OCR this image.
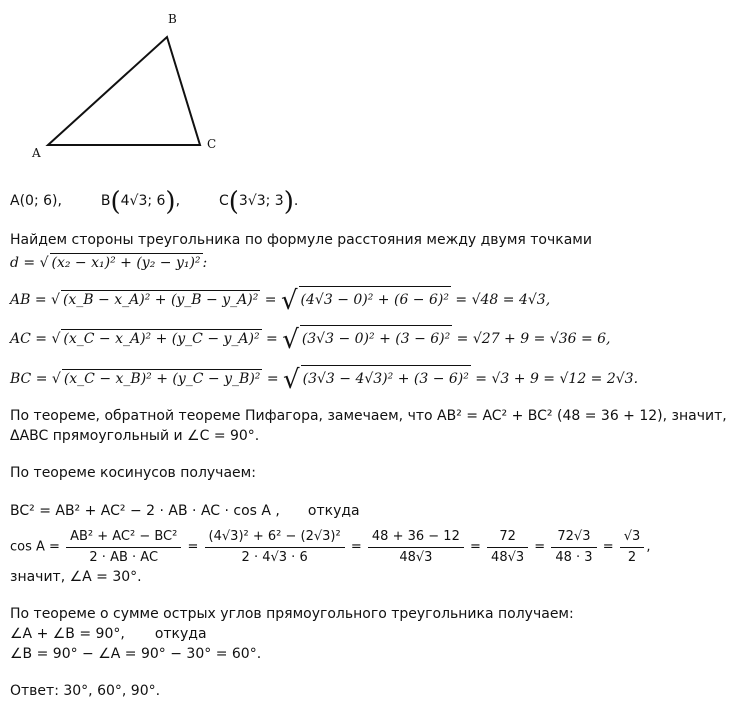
B
A
C
A(0; 6),	B(4√3; 6),	C(3√3; 3).
Найдем стороны треугольника по формуле расстояния между двумя точками
d = √ (x₂ − x₁)² + (y₂ − y₁)² :
AB = √ (x_B − x_A)² + (y_B − y_A)² = √ (4√3 − 0)² + (6 − 6)² = √48 = 4√3,
AC = √ (x_C − x_A)² + (y_C − y_A)² = √ (3√3 − 0)² + (3 − 6)² = √27 + 9 = √36 = 6,
BC = √ (x_C − x_B)² + (y_C − y_B)² = √ (3√3 − 4√3)² + (3 − 6)² = √3 + 9 = √12 = 2√3.
По теореме, обратной теореме Пифагора, замечаем, что AB² = AC² + BC² (48 = 36 + 12), значит,
ΔABC прямоугольный и ∠C = 90°.
По теореме косинусов получаем:
BC² = AB² + AC² − 2 · AB · AC · cos A , откуда
$\cos A = \frac{\text{AB² + AC² − BC²}}{2 \cdot AB \cdot AC} = \frac{\text{(4√3)² + 6² − (2√3)²}}{2 \cdot 4√3 \cdot 6} = \frac{48 + 36 - 12}{48√3} = \frac{72}{48√3} = \frac{72√3}{48 \cdot 3} = \frac{√3}{2}$ ,
значит, ∠A = 30°.
По теореме о сумме острых углов прямоугольного треугольника получаем:
∠A + ∠B = 90°, откуда
∠B = 90° − ∠A = 90° − 30° = 60°.
Ответ: 30°, 60°, 90°.
